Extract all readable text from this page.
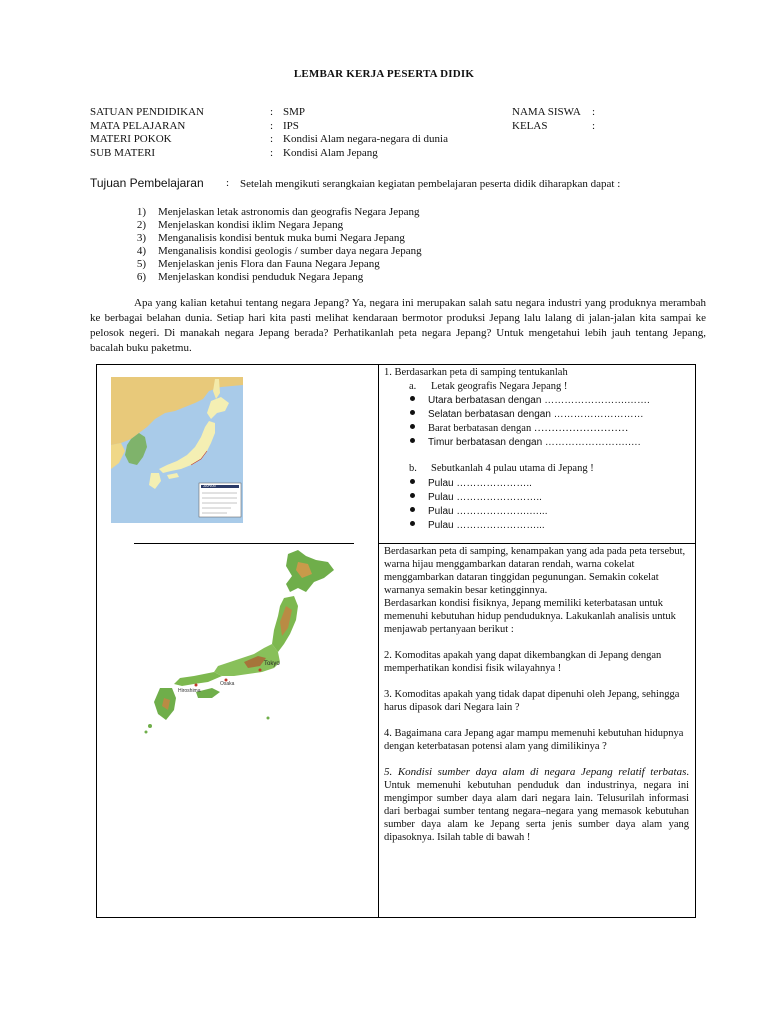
LEMBAR KERJA PESERTA DIDIK
SATUAN PENDIDIKAN	: SMP
MATA PELAJARAN	: IPS
MATERI POKOK	: Kondisi Alam negara-negara di dunia
SUB MATERI	: Kondisi Alam Jepang
NAMA SISWA :
KELAS	:
Tujuan Pembelajaran : Setelah mengikuti serangkaian kegiatan pembelajaran peserta didik diharapkan dapat :
1) Menjelaskan letak astronomis dan geografis Negara Jepang
2) Menjelaskan kondisi iklim Negara Jepang
3) Menganalisis kondisi bentuk muka bumi Negara Jepang
4) Menganalisis kondisi geologis / sumber daya negara Jepang
5) Menjelaskan jenis Flora dan Fauna Negara Jepang
6) Menjelaskan kondisi penduduk Negara Jepang

Apa yang kalian ketahui tentang negara Jepang? Ya, negara ini merupakan salah satu negara industri yang produknya merambah ke berbagai belahan dunia. Setiap hari kita pasti melihat kendaraan bermotor produksi Jepang lalu lalang di jalan-jalan kita sampai ke pelosok negeri. Di manakah negara Jepang berada? Perhatikanlah peta negara Jepang? Untuk mengetahui lebih jauh tentang Jepang, bacalah buku paketmu.

JAPAN
1. Berdasarkan peta di samping tentukanlah
a. Letak geografis Negara Jepang !
Utara berbatasan dengan …………………….…….
Selatan berbatasan dengan ………………………
Barat berbatasan dengan ………………………
Timur berbatasan dengan …………………….….
b. Sebutkanlah 4 pulau utama di Jepang !
Pulau …………………..
Pulau ……………………..
Pulau ………………….…...
Pulau ……………………...
Tokyo
Osaka
Hiroshima

Berdasarkan peta di samping, kenampakan yang ada pada peta tersebut, warna hijau menggambarkan dataran rendah, warna cokelat menggambarkan dataran tinggidan pegunungan. Semakin cokelat warnanya semakin besar ketingginnya.

Berdasarkan kondisi fisiknya, Jepang memiliki keterbatasan untuk memenuhi kebutuhan hidup penduduknya. Lakukanlah analisis untuk menjawab pertanyaan berikut :

2. Komoditas apakah yang dapat dikembangkan di Jepang dengan memperhatikan kondisi fisik wilayahnya !

3. Komoditas apakah yang tidak dapat dipenuhi oleh Jepang, sehingga harus dipasok dari Negara lain ?

4. Bagaimana cara Jepang agar mampu memenuhi kebutuhan hidupnya dengan keterbatasan potensi alam yang dimilikinya ?

5. Kondisi sumber daya alam di negara Jepang relatif terbatas. Untuk memenuhi kebutuhan penduduk dan industrinya, negara ini mengimpor sumber daya alam dari negara lain. Telusurilah informasi dari berbagai sumber tentang negara–negara yang memasok kebutuhan sumber daya alam ke Jepang serta jenis sumber daya alam yang dipasoknya. Isilah table di bawah !
